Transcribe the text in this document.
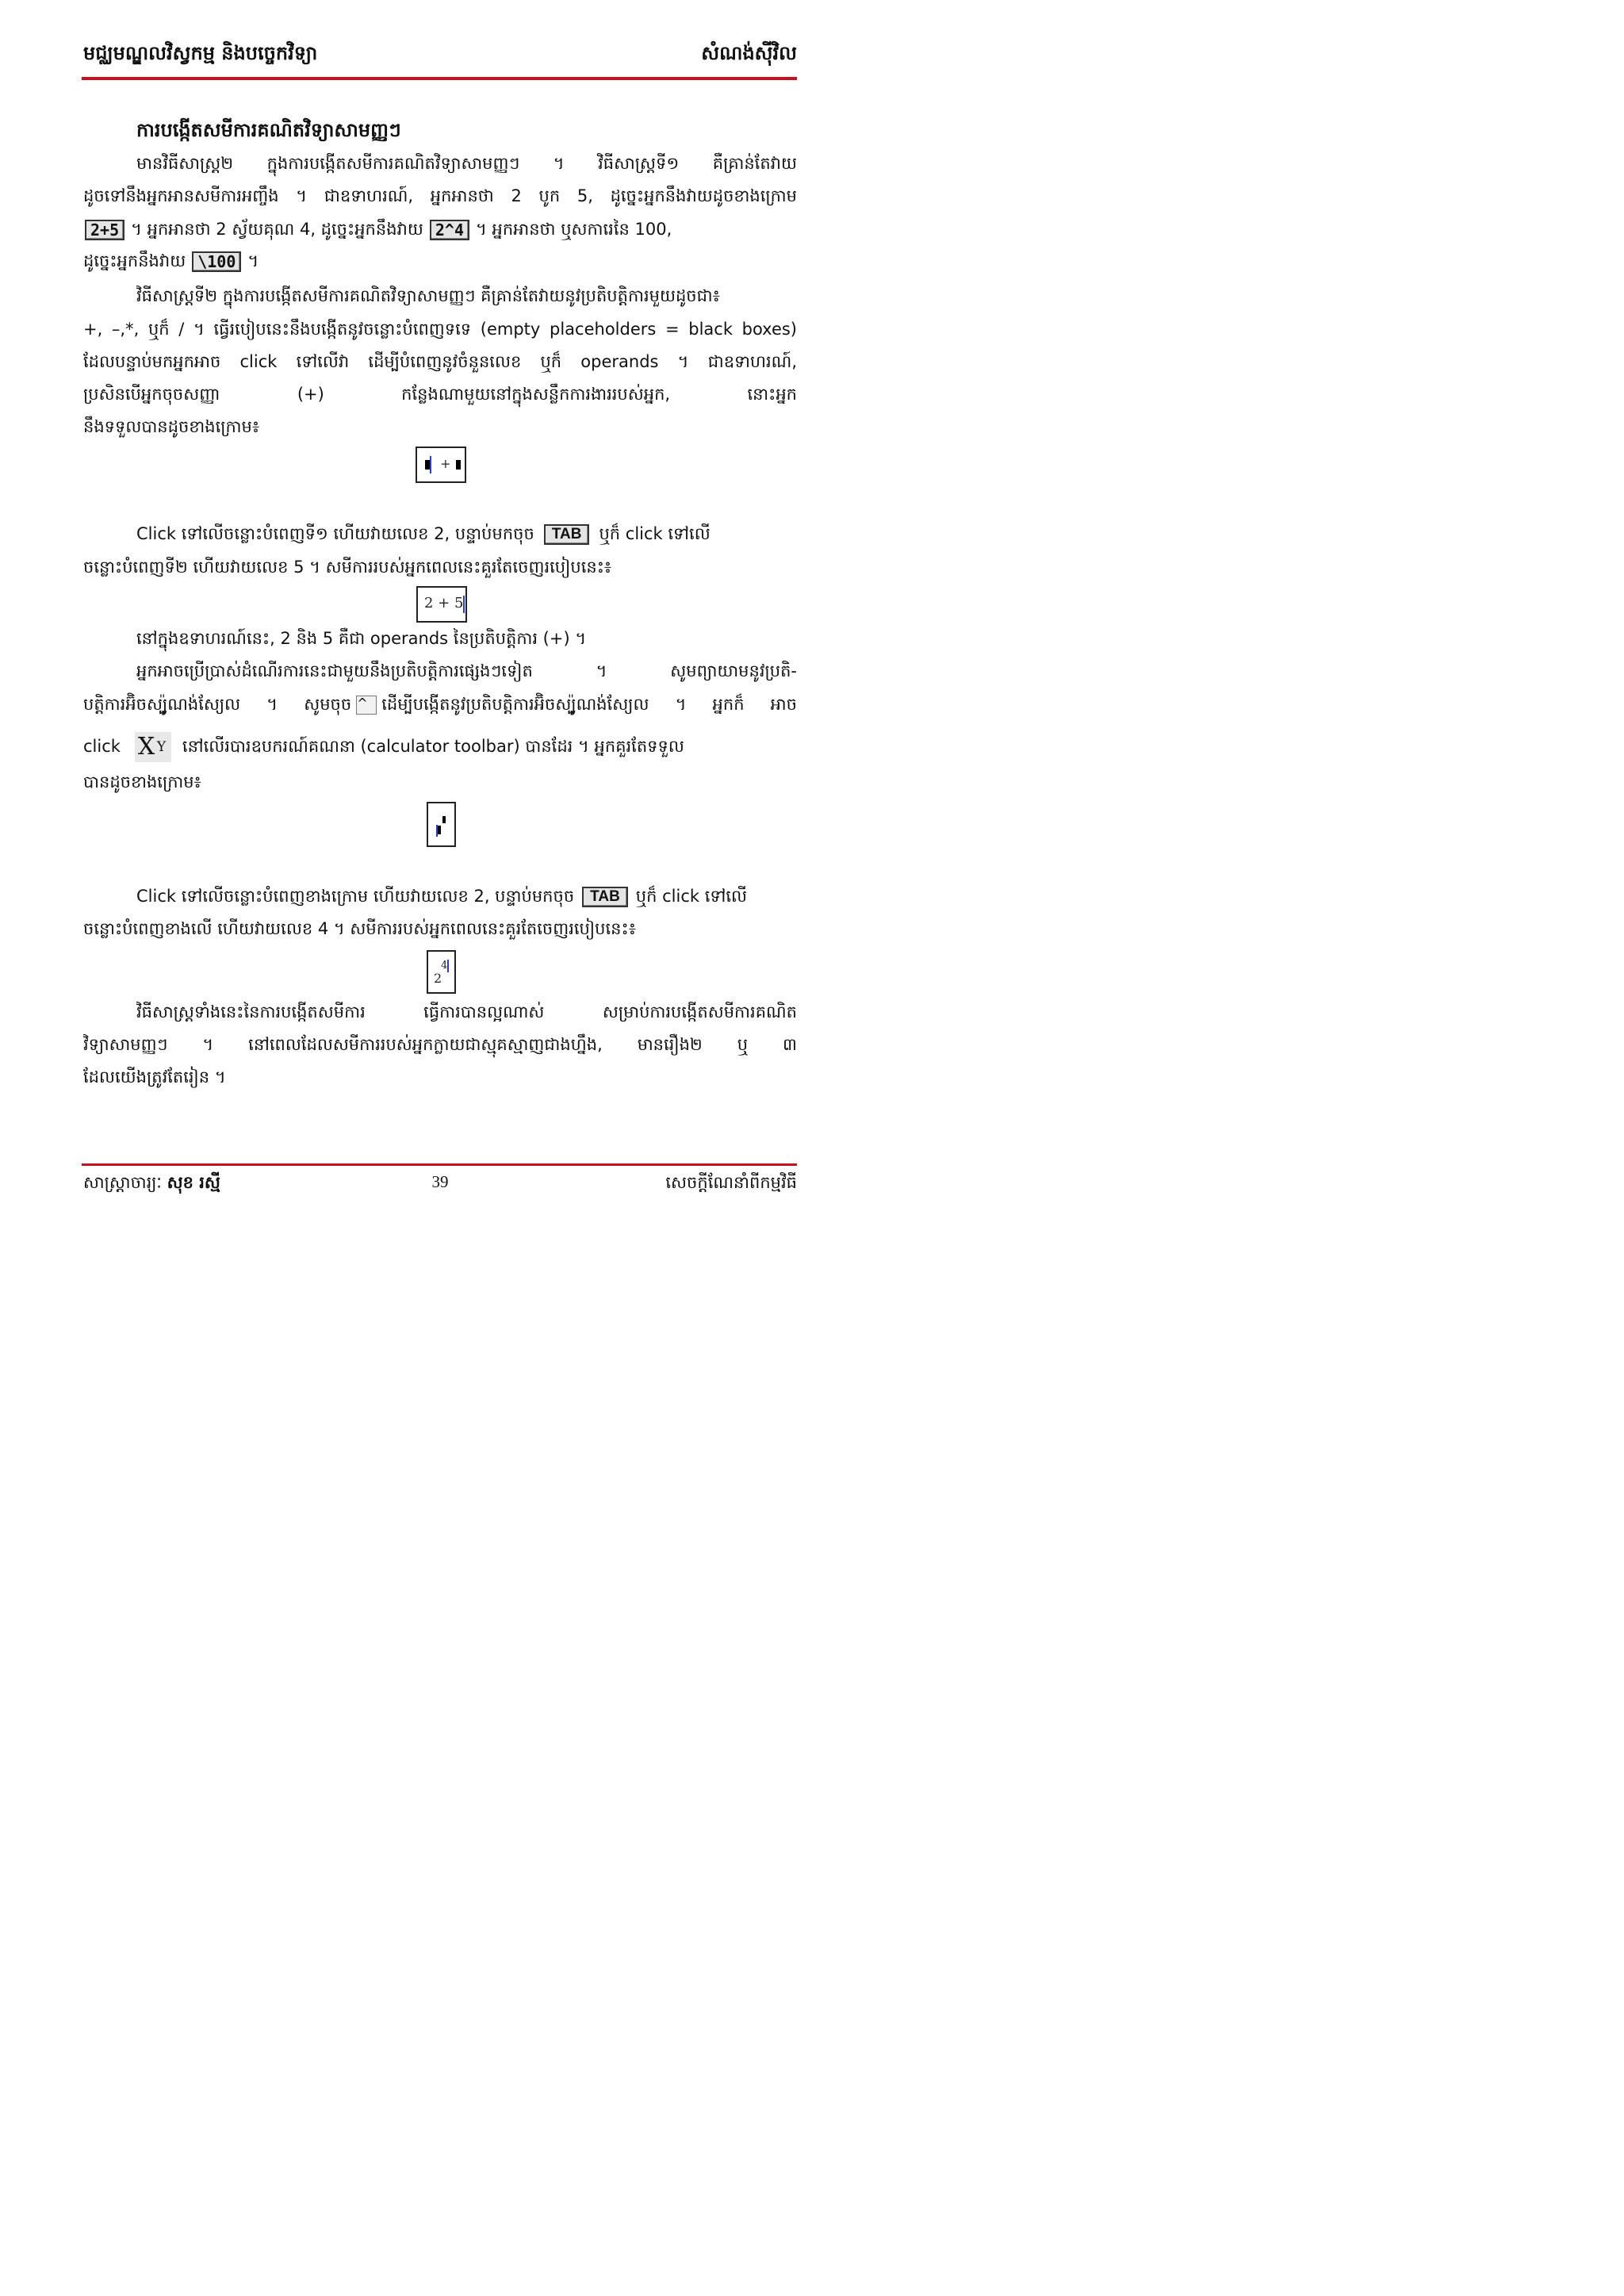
មជ្ឈមណ្ឌលវិស្វកម្ម និងបច្ចេកវិទ្យា	សំណង់ស៊ីវិល
ការបង្កើតសមីការគណិតវិទ្យាសាមញ្ញៗ
មានវិធីសាស្ត្រ២ ក្នុងការបង្កើតសមីការគណិតវិទ្យាសាមញ្ញៗ ។ វិធីសាស្ត្រទី១ គឺគ្រាន់តែវាយ
ដូចទៅនឹងអ្នកអានសមីការអញ្ចឹង ។ ជាឧទាហរណ៍, អ្នកអានថា 2 បូក 5, ដូច្នេះអ្នកនឹងវាយដូចខាងក្រោម
2+5 ។ អ្នកអានថា 2 ស្វ័យគុណ 4, ដូច្នេះអ្នកនឹងវាយ 2^4 ។ អ្នកអានថា ឬសការេនៃ 100,
ដូច្នេះអ្នកនឹងវាយ \100 ។
វិធីសាស្ត្រទី២ ក្នុងការបង្កើតសមីការគណិតវិទ្យាសាមញ្ញៗ គឺគ្រាន់តែវាយនូវប្រតិបត្តិការមួយដូចជា៖
+, –,*, ឬក៏ / ។ ធ្វើរបៀបនេះនឹងបង្កើតនូវចន្លោះបំពេញទទេ (empty placeholders = black boxes)
ដែលបន្ទាប់មកអ្នកអាច click ទៅលើវា ដើម្បីបំពេញនូវចំនួនលេខ ឬក៏ operands ។ ជាឧទាហរណ៍,
ប្រសិនបើអ្នកចុចសញ្ញា (+) កន្លែងណាមួយនៅក្នុងសន្លឹកការងាររបស់អ្នក, នោះអ្នក
នឹងទទួលបានដូចខាងក្រោម៖
+
Click ទៅលើចន្លោះបំពេញទី១ ហើយវាយលេខ 2, បន្ទាប់មកចុច TAB ឬក៏ click ទៅលើ
ចន្លោះបំពេញទី២ ហើយវាយលេខ 5 ។ សមីការរបស់អ្នកពេលនេះគួរតែចេញរបៀបនេះ៖
2 + 5
នៅក្នុងឧទាហរណ៍នេះ, 2 និង 5 គឺជា operands នៃប្រតិបត្តិការ (+) ។
អ្នកអាចប្រើប្រាស់ដំណើរការនេះជាមួយនឹងប្រតិបត្តិការផ្សេងៗទៀត ។ សូមព្យាយាមនូវប្រតិ-
បត្តិការអ៊ិចស្ប៉ូណង់ស្យែល ។ សូមចុច ^ ដើម្បីបង្កើតនូវប្រតិបត្តិការអ៊ិចស្ប៉ូណង់ស្យែល ។ អ្នកក៏ អាច
click X Y នៅលើរបារឧបករណ៍គណនា (calculator toolbar) បានដែរ ។ អ្នកគួរតែទទួល
បានដូចខាងក្រោម៖
Click ទៅលើចន្លោះបំពេញខាងក្រោម ហើយវាយលេខ 2, បន្ទាប់មកចុច TAB ឬក៏ click ទៅលើ
ចន្លោះបំពេញខាងលើ ហើយវាយលេខ 4 ។ សមីការរបស់អ្នកពេលនេះគួរតែចេញរបៀបនេះ៖
2
4
វិធីសាស្ត្រទាំងនេះនៃការបង្កើតសមីការ ធ្វើការបានល្អណាស់ សម្រាប់ការបង្កើតសមីការគណិត
វិទ្យាសាមញ្ញៗ ។ នៅពេលដែលសមីការរបស់អ្នកក្លាយជាស្មុគស្មាញជាងហ្នឹង, មានរឿង២ ឬ ៣
ដែលយើងត្រូវតែរៀន ។
សាស្ត្រាចារ្យៈ សុខ រស្មី	39	សេចក្តីណែនាំពីកម្មវិធី
